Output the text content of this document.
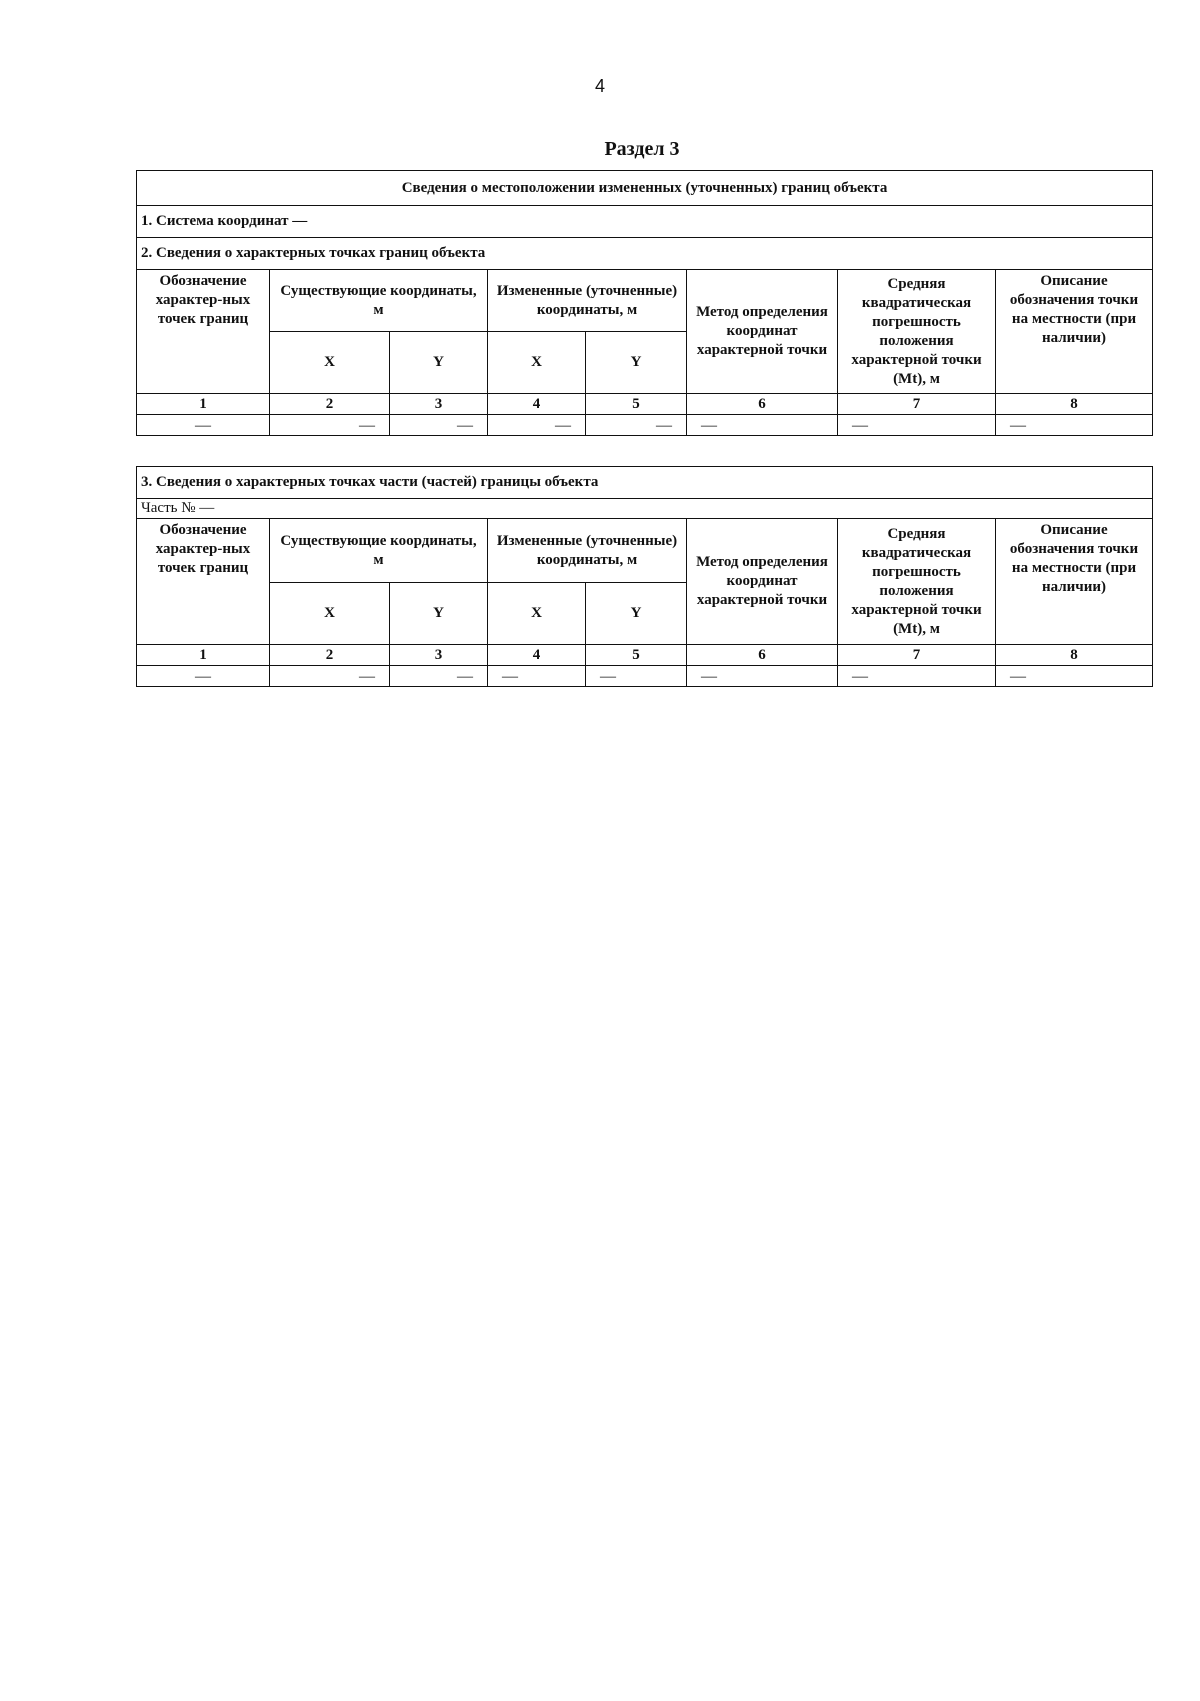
4
Раздел 3
Сведения о местоположении измененных (уточненных) границ объекта							
1. Система координат —							
2. Сведения о характерных точках границ объекта							
Обозначение характер-ных точек границ	Существующие координаты, м		Измененные (уточненные) координаты, м		Метод определения координат характерной точки	Средняя квадратическая погрешность положения характерной точки (Mt), м	Описание обозначения точки на местности (при наличии)
	X	Y	X	Y			
1	2	3	4	5	6	7	8
—	—	—	—	—	—	—	—
3. Сведения о характерных точках части (частей) границы объекта							
Часть № —							
Обозначение характер-ных точек границ	Существующие координаты, м		Измененные (уточненные) координаты, м		Метод определения координат характерной точки	Средняя квадратическая погрешность положения характерной точки (Mt), м	Описание обозначения точки на местности (при наличии)
	X	Y	X	Y			
1	2	3	4	5	6	7	8
—	—	—	—	—	—	—	—
